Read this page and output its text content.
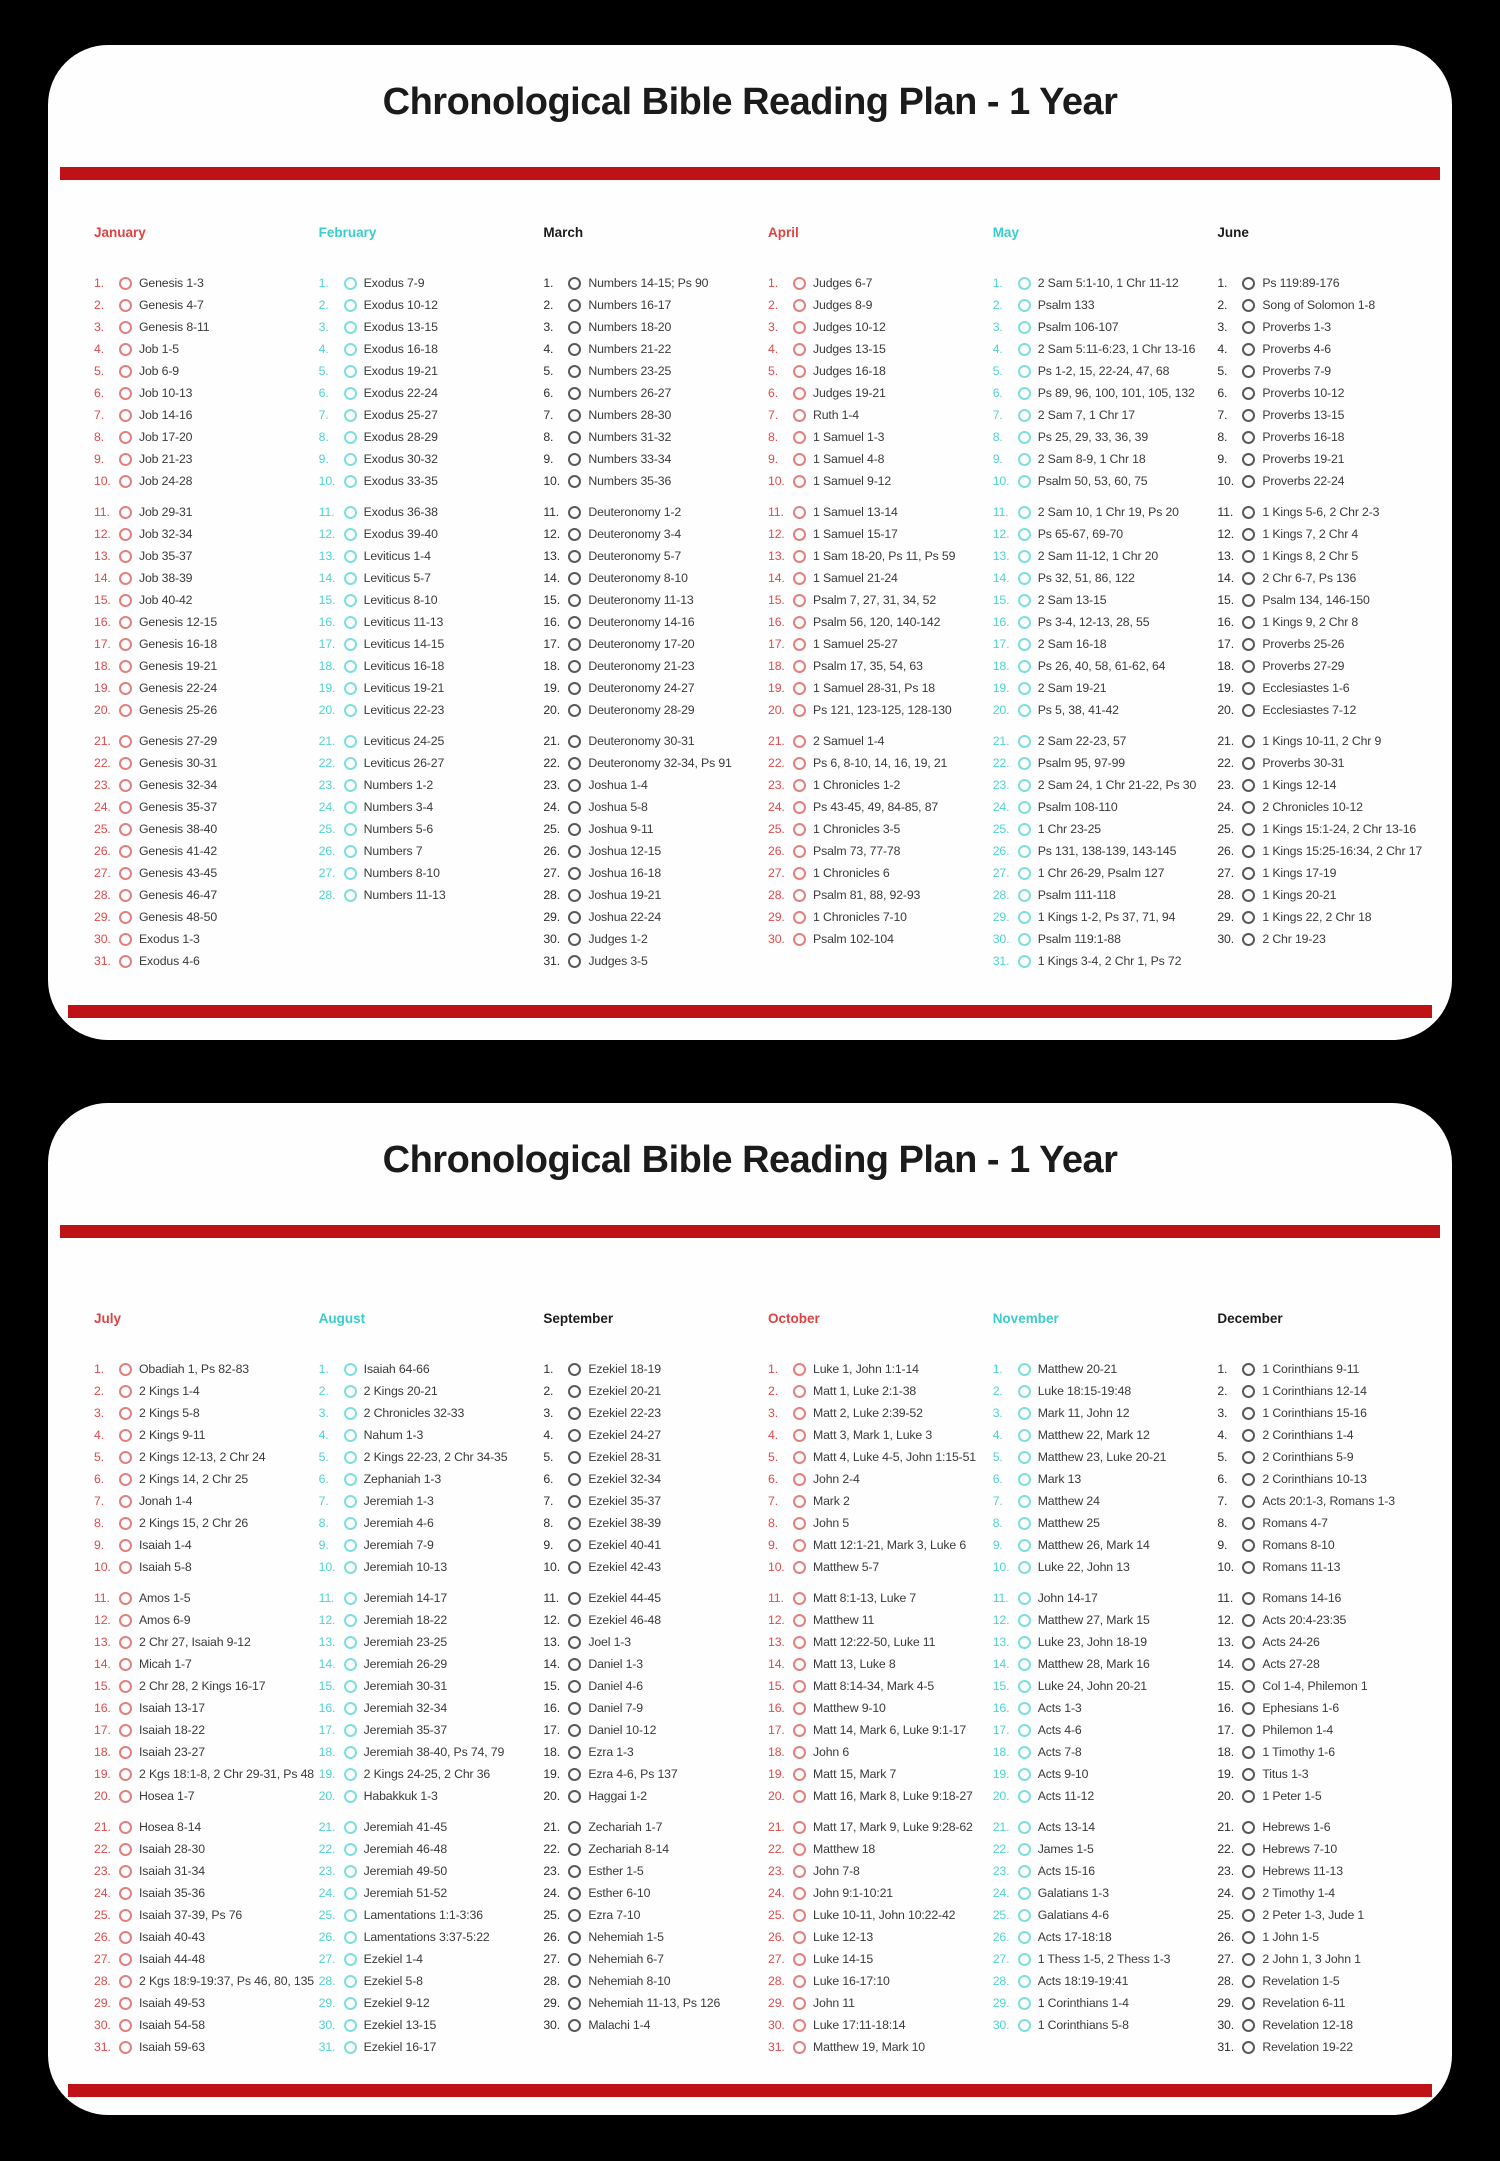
Chronological Bible Reading Plan - 1 Year
January
1.	Genesis 1-3
2.	Genesis 4-7
3.	Genesis 8-11
4.	Job 1-5
5.	Job 6-9
6.	Job 10-13
7.	Job 14-16
8.	Job 17-20
9.	Job 21-23
10.	Job 24-28
11.	Job 29-31
12.	Job 32-34
13.	Job 35-37
14.	Job 38-39
15.	Job 40-42
16.	Genesis 12-15
17.	Genesis 16-18
18.	Genesis 19-21
19.	Genesis 22-24
20.	Genesis 25-26
21.	Genesis 27-29
22.	Genesis 30-31
23.	Genesis 32-34
24.	Genesis 35-37
25.	Genesis 38-40
26.	Genesis 41-42
27.	Genesis 43-45
28.	Genesis 46-47
29.	Genesis 48-50
30.	Exodus 1-3
31.	Exodus 4-6
February
1.	Exodus 7-9
2.	Exodus 10-12
3.	Exodus 13-15
4.	Exodus 16-18
5.	Exodus 19-21
6.	Exodus 22-24
7.	Exodus 25-27
8.	Exodus 28-29
9.	Exodus 30-32
10.	Exodus 33-35
11.	Exodus 36-38
12.	Exodus 39-40
13.	Leviticus 1-4
14.	Leviticus 5-7
15.	Leviticus 8-10
16.	Leviticus 11-13
17.	Leviticus 14-15
18.	Leviticus 16-18
19.	Leviticus 19-21
20.	Leviticus 22-23
21.	Leviticus 24-25
22.	Leviticus 26-27
23.	Numbers 1-2
24.	Numbers 3-4
25.	Numbers 5-6
26.	Numbers 7
27.	Numbers 8-10
28.	Numbers 11-13
March
1.	Numbers 14-15; Ps 90
2.	Numbers 16-17
3.	Numbers 18-20
4.	Numbers 21-22
5.	Numbers 23-25
6.	Numbers 26-27
7.	Numbers 28-30
8.	Numbers 31-32
9.	Numbers 33-34
10.	Numbers 35-36
11.	Deuteronomy 1-2
12.	Deuteronomy 3-4
13.	Deuteronomy 5-7
14.	Deuteronomy 8-10
15.	Deuteronomy 11-13
16.	Deuteronomy 14-16
17.	Deuteronomy 17-20
18.	Deuteronomy 21-23
19.	Deuteronomy 24-27
20.	Deuteronomy 28-29
21.	Deuteronomy 30-31
22.	Deuteronomy 32-34, Ps 91
23.	Joshua 1-4
24.	Joshua 5-8
25.	Joshua 9-11
26.	Joshua 12-15
27.	Joshua 16-18
28.	Joshua 19-21
29.	Joshua 22-24
30.	Judges 1-2
31.	Judges 3-5
April
1.	Judges 6-7
2.	Judges 8-9
3.	Judges 10-12
4.	Judges 13-15
5.	Judges 16-18
6.	Judges 19-21
7.	Ruth 1-4
8.	1 Samuel 1-3
9.	1 Samuel 4-8
10.	1 Samuel 9-12
11.	1 Samuel 13-14
12.	1 Samuel 15-17
13.	1 Sam 18-20, Ps 11, Ps 59
14.	1 Samuel 21-24
15.	Psalm 7, 27, 31, 34, 52
16.	Psalm 56, 120, 140-142
17.	1 Samuel 25-27
18.	Psalm 17, 35, 54, 63
19.	1 Samuel 28-31, Ps 18
20.	Ps 121, 123-125, 128-130
21.	2 Samuel 1-4
22.	Ps 6, 8-10, 14, 16, 19, 21
23.	1 Chronicles 1-2
24.	Ps 43-45, 49, 84-85, 87
25.	1 Chronicles 3-5
26.	Psalm 73, 77-78
27.	1 Chronicles 6
28.	Psalm 81, 88, 92-93
29.	1 Chronicles 7-10
30.	Psalm 102-104
May
1.	2 Sam 5:1-10, 1 Chr 11-12
2.	Psalm 133
3.	Psalm 106-107
4.	2 Sam 5:11-6:23, 1 Chr 13-16
5.	Ps 1-2, 15, 22-24, 47, 68
6.	Ps 89, 96, 100, 101, 105, 132
7.	2 Sam 7, 1 Chr 17
8.	Ps 25, 29, 33, 36, 39
9.	2 Sam 8-9, 1 Chr 18
10.	Psalm 50, 53, 60, 75
11.	2 Sam 10, 1 Chr 19, Ps 20
12.	Ps 65-67, 69-70
13.	2 Sam 11-12, 1 Chr 20
14.	Ps 32, 51, 86, 122
15.	2 Sam 13-15
16.	Ps 3-4, 12-13, 28, 55
17.	2 Sam 16-18
18.	Ps 26, 40, 58, 61-62, 64
19.	2 Sam 19-21
20.	Ps 5, 38, 41-42
21.	2 Sam 22-23, 57
22.	Psalm 95, 97-99
23.	2 Sam 24, 1 Chr 21-22, Ps 30
24.	Psalm 108-110
25.	1 Chr 23-25
26.	Ps 131, 138-139, 143-145
27.	1 Chr 26-29, Psalm 127
28.	Psalm 111-118
29.	1 Kings 1-2, Ps 37, 71, 94
30.	Psalm 119:1-88
31.	1 Kings 3-4, 2 Chr 1, Ps 72
June
1.	Ps 119:89-176
2.	Song of Solomon 1-8
3.	Proverbs 1-3
4.	Proverbs 4-6
5.	Proverbs 7-9
6.	Proverbs 10-12
7.	Proverbs 13-15
8.	Proverbs 16-18
9.	Proverbs 19-21
10.	Proverbs 22-24
11.	1 Kings 5-6, 2 Chr 2-3
12.	1 Kings 7, 2 Chr 4
13.	1 Kings 8, 2 Chr 5
14.	2 Chr 6-7, Ps 136
15.	Psalm 134, 146-150
16.	1 Kings 9, 2 Chr 8
17.	Proverbs 25-26
18.	Proverbs 27-29
19.	Ecclesiastes 1-6
20.	Ecclesiastes 7-12
21.	1 Kings 10-11, 2 Chr 9
22.	Proverbs 30-31
23.	1 Kings 12-14
24.	2 Chronicles 10-12
25.	1 Kings 15:1-24, 2 Chr 13-16
26.	1 Kings 15:25-16:34, 2 Chr 17
27.	1 Kings 17-19
28.	1 Kings 20-21
29.	1 Kings 22, 2 Chr 18
30.	2 Chr 19-23
Chronological Bible Reading Plan - 1 Year
July
1.	Obadiah 1, Ps 82-83
2.	2 Kings 1-4
3.	2 Kings 5-8
4.	2 Kings 9-11
5.	2 Kings 12-13, 2 Chr 24
6.	2 Kings 14, 2 Chr 25
7.	Jonah 1-4
8.	2 Kings 15, 2 Chr 26
9.	Isaiah 1-4
10.	Isaiah 5-8
11.	Amos 1-5
12.	Amos 6-9
13.	2 Chr 27, Isaiah 9-12
14.	Micah 1-7
15.	2 Chr 28, 2 Kings 16-17
16.	Isaiah 13-17
17.	Isaiah 18-22
18.	Isaiah 23-27
19.	2 Kgs 18:1-8, 2 Chr 29-31, Ps 48
20.	Hosea 1-7
21.	Hosea 8-14
22.	Isaiah 28-30
23.	Isaiah 31-34
24.	Isaiah 35-36
25.	Isaiah 37-39, Ps 76
26.	Isaiah 40-43
27.	Isaiah 44-48
28.	2 Kgs 18:9-19:37, Ps 46, 80, 135
29.	Isaiah 49-53
30.	Isaiah 54-58
31.	Isaiah 59-63
August
1.	Isaiah 64-66
2.	2 Kings 20-21
3.	2 Chronicles 32-33
4.	Nahum 1-3
5.	2 Kings 22-23, 2 Chr 34-35
6.	Zephaniah 1-3
7.	Jeremiah 1-3
8.	Jeremiah 4-6
9.	Jeremiah 7-9
10.	Jeremiah 10-13
11.	Jeremiah 14-17
12.	Jeremiah 18-22
13.	Jeremiah 23-25
14.	Jeremiah 26-29
15.	Jeremiah 30-31
16.	Jeremiah 32-34
17.	Jeremiah 35-37
18.	Jeremiah 38-40, Ps 74, 79
19.	2 Kings 24-25, 2 Chr 36
20.	Habakkuk 1-3
21.	Jeremiah 41-45
22.	Jeremiah 46-48
23.	Jeremiah 49-50
24.	Jeremiah 51-52
25.	Lamentations 1:1-3:36
26.	Lamentations 3:37-5:22
27.	Ezekiel 1-4
28.	Ezekiel 5-8
29.	Ezekiel 9-12
30.	Ezekiel 13-15
31.	Ezekiel 16-17
September
1.	Ezekiel 18-19
2.	Ezekiel 20-21
3.	Ezekiel 22-23
4.	Ezekiel 24-27
5.	Ezekiel 28-31
6.	Ezekiel 32-34
7.	Ezekiel 35-37
8.	Ezekiel 38-39
9.	Ezekiel 40-41
10.	Ezekiel 42-43
11.	Ezekiel 44-45
12.	Ezekiel 46-48
13.	Joel 1-3
14.	Daniel 1-3
15.	Daniel 4-6
16.	Daniel 7-9
17.	Daniel 10-12
18.	Ezra 1-3
19.	Ezra 4-6, Ps 137
20.	Haggai 1-2
21.	Zechariah 1-7
22.	Zechariah 8-14
23.	Esther 1-5
24.	Esther 6-10
25.	Ezra 7-10
26.	Nehemiah 1-5
27.	Nehemiah 6-7
28.	Nehemiah 8-10
29.	Nehemiah 11-13, Ps 126
30.	Malachi 1-4
October
1.	Luke 1, John 1:1-14
2.	Matt 1, Luke 2:1-38
3.	Matt 2, Luke 2:39-52
4.	Matt 3, Mark 1, Luke 3
5.	Matt 4, Luke 4-5, John 1:15-51
6.	John 2-4
7.	Mark 2
8.	John 5
9.	Matt 12:1-21, Mark 3, Luke 6
10.	Matthew 5-7
11.	Matt 8:1-13, Luke 7
12.	Matthew 11
13.	Matt 12:22-50, Luke 11
14.	Matt 13, Luke 8
15.	Matt 8:14-34, Mark 4-5
16.	Matthew 9-10
17.	Matt 14, Mark 6, Luke 9:1-17
18.	John 6
19.	Matt 15, Mark 7
20.	Matt 16, Mark 8, Luke 9:18-27
21.	Matt 17, Mark 9, Luke 9:28-62
22.	Matthew 18
23.	John 7-8
24.	John 9:1-10:21
25.	Luke 10-11, John 10:22-42
26.	Luke 12-13
27.	Luke 14-15
28.	Luke 16-17:10
29.	John 11
30.	Luke 17:11-18:14
31.	Matthew 19, Mark 10
November
1.	Matthew 20-21
2.	Luke 18:15-19:48
3.	Mark 11, John 12
4.	Matthew 22, Mark 12
5.	Matthew 23, Luke 20-21
6.	Mark 13
7.	Matthew 24
8.	Matthew 25
9.	Matthew 26, Mark 14
10.	Luke 22, John 13
11.	John 14-17
12.	Matthew 27, Mark 15
13.	Luke 23, John 18-19
14.	Matthew 28, Mark 16
15.	Luke 24, John 20-21
16.	Acts 1-3
17.	Acts 4-6
18.	Acts 7-8
19.	Acts 9-10
20.	Acts 11-12
21.	Acts 13-14
22.	James 1-5
23.	Acts 15-16
24.	Galatians 1-3
25.	Galatians 4-6
26.	Acts 17-18:18
27.	1 Thess 1-5, 2 Thess 1-3
28.	Acts 18:19-19:41
29.	1 Corinthians 1-4
30.	1 Corinthians 5-8
December
1.	1 Corinthians 9-11
2.	1 Corinthians 12-14
3.	1 Corinthians 15-16
4.	2 Corinthians 1-4
5.	2 Corinthians 5-9
6.	2 Corinthians 10-13
7.	Acts 20:1-3, Romans 1-3
8.	Romans 4-7
9.	Romans 8-10
10.	Romans 11-13
11.	Romans 14-16
12.	Acts 20:4-23:35
13.	Acts 24-26
14.	Acts 27-28
15.	Col 1-4, Philemon 1
16.	Ephesians 1-6
17.	Philemon 1-4
18.	1 Timothy 1-6
19.	Titus 1-3
20.	1 Peter 1-5
21.	Hebrews 1-6
22.	Hebrews 7-10
23.	Hebrews 11-13
24.	2 Timothy 1-4
25.	2 Peter 1-3, Jude 1
26.	1 John 1-5
27.	2 John 1, 3 John 1
28.	Revelation 1-5
29.	Revelation 6-11
30.	Revelation 12-18
31.	Revelation 19-22
